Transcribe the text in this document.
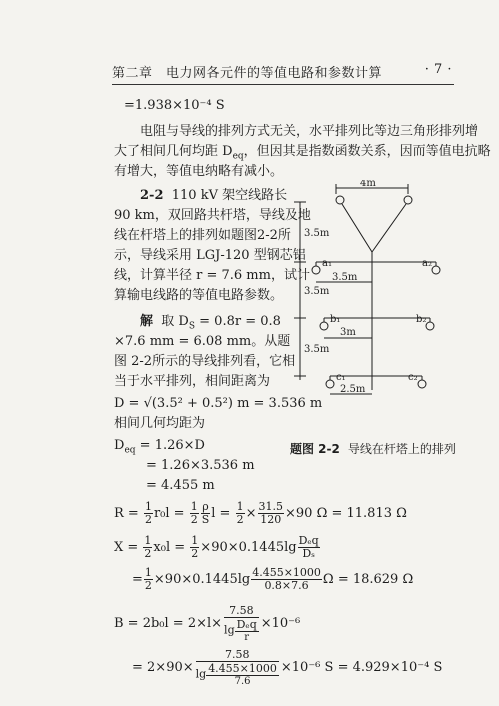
第二章　电力网各元件的等值电路和参数计算	· 7 ·
=1.938×10⁻⁴ S
电阻与导线的排列方式无关，水平排列比等边三角形排列增
大了相间几何均距 $D_{eq}$，但因其是指数函数关系，因而等值电抗略
有增大，等值电纳略有减小。
2-2 110 kV 架空线路长
90 km，双回路共杆塔，导线及地
线在杆塔上的排列如题图2-2所
示，导线采用 LGJ-120 型钢芯铝
线，计算半径 r = 7.6 mm，试计
算输电线路的等值电路参数。
解 取 $D_S = 0.8r = 0.8$
×7.6 mm = 6.08 mm。从题
图 2-2所示的导线排列看，它相
当于水平排列，相间距离为
D = √(3.5² + 0.5²) m = 3.536 m
相间几何均距为
$D_{eq} = 1.26\times D$
= 1.26×3.536 m
= 4.455 m
$R = \frac{1}{2} r_0l = \frac{1}{2} \frac{\rho}{S}$ $l = \frac{1}{2} \times \frac{31.5}{120} \times 90$ Ω = 11.813 Ω
$X = \frac{1}{2} x_0l = \frac{1}{2} \times 90\times 0.1445\lg \frac{\text{Dₑq}}{\text{Dₛ}}$
= $\frac{1}{2} \times 90\times 0.1445\lg \frac{4.455\times 1000}{0.8\times 7.6}$ Ω = 18.629 Ω
B = 2b₀l = 2×l× 7.58
lg Dₑq
r ×10⁻⁶
= $2\times 90\times \frac{7.58}{\lg \frac{4.455\times 1000}{7.6}} \times 10^{-6}$ S = 4.929×10⁻⁴ S
4m
3.5m
3.5m
3.5m
3.5m
3m
2.5m
a₁	a₂
b₁	b₂
c₁	c₂
题图 2-2 导线在杆塔上的排列
